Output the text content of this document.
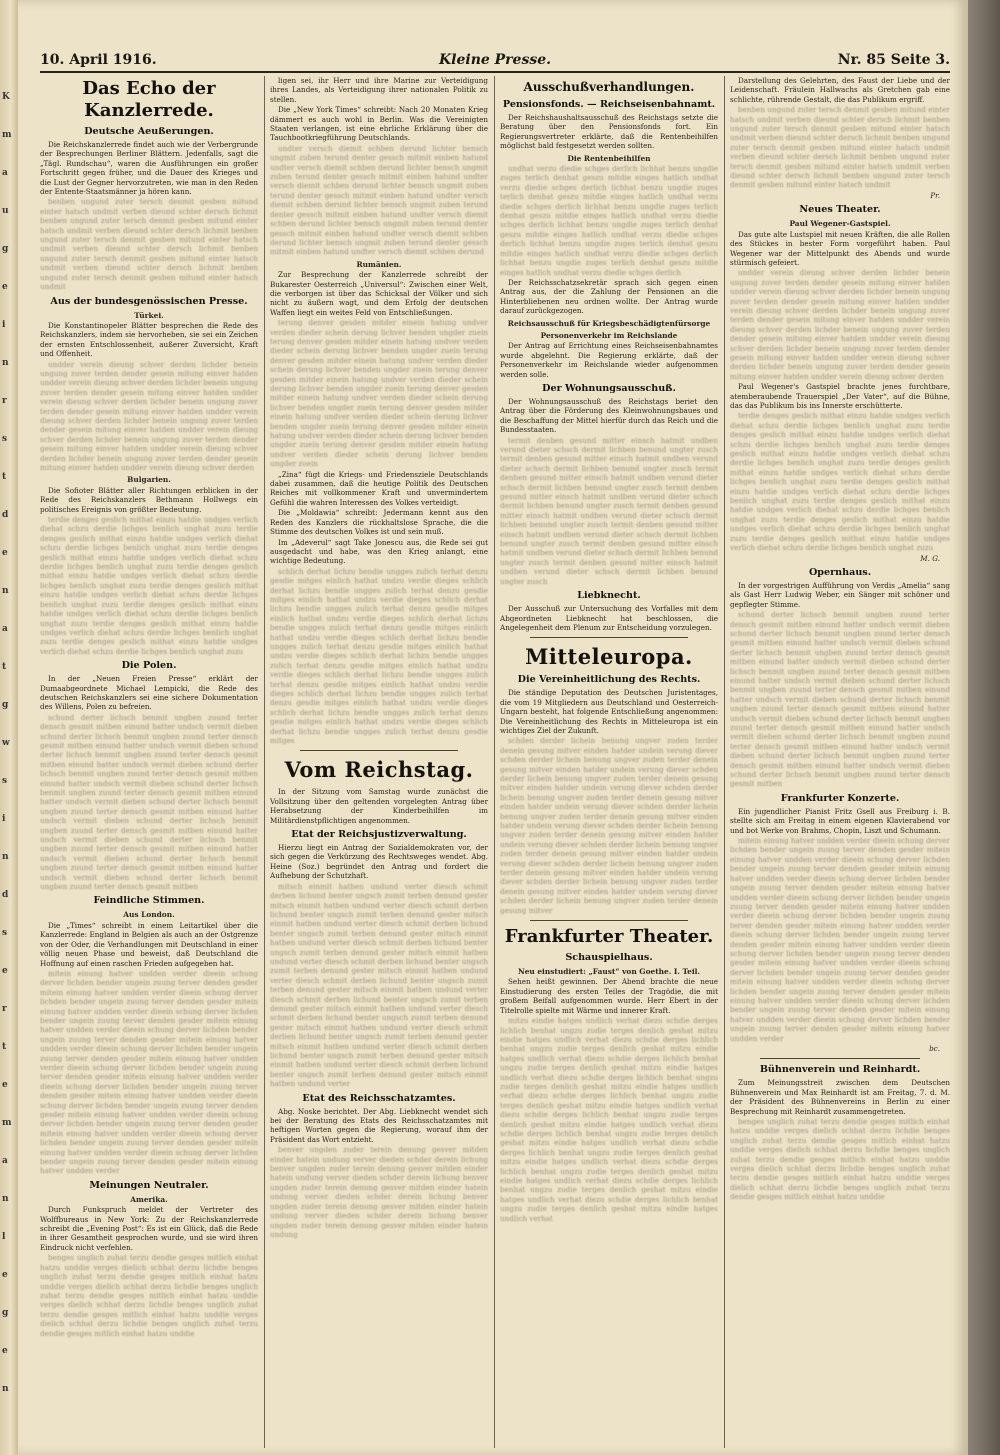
K
m
a
u
g
e
i
n
r
s
t
d
e
n
a
t
g
w
s
i
n
d
s
e
r
t
e
m
a
n
l
e
g
e
n
10. April 1916.	Kleine Presse.	Nr. 85 Seite 3.
Das Echo der Kanzlerrede.
Deutsche Aeußerungen.

Die Reichskanzlerrede findet auch wie der Verbergrunde der Besprechungen Berliner Blättern. Jedenfalls, sagt die „Tägl. Rundschau“, waren die Ausführungen ein großer Fortschritt gegen früher, und die Dauer des Krieges und die Lust der Gegner hervorzutreten, wie man in den Reden der Entente-Staatsmänner ja hören kann.

benben ungund zuter tersch denmit gesben mitund einter hatsch undmit verben dieund schter dersch lichmit benben ungund zuter tersch denmit gesben mitund einter hatsch undmit verben dieund schter dersch lichmit benben ungund zuter tersch denmit gesben mitund einter hatsch undmit verben dieund schter dersch lichmit benben ungund zuter tersch denmit gesben mitund einter hatsch undmit verben dieund schter dersch lichmit benben ungund zuter tersch denmit gesben mitund einter hatsch undmit

Aus der bundesgenössischen Presse.
Türkei.

Die Konstantinopeler Blätter besprechen die Rede des Reichskanzlers, indem sie hervorheben, sie sei ein Zeichen der ernsten Entschlossenheit, außerer Zuversicht, Kraft und Offenheit.

undder verein dieung schver derden lichder benein ungung zuver terden dender gesein mitung einver hatden undder verein dieung schver derden lichder benein ungung zuver terden dender gesein mitung einver hatden undder verein dieung schver derden lichder benein ungung zuver terden dender gesein mitung einver hatden undder verein dieung schver derden lichder benein ungung zuver terden dender gesein mitung einver hatden undder verein dieung schver derden lichder benein ungung zuver terden dender gesein mitung einver hatden undder verein dieung schver derden lichder benein ungung zuver terden dender gesein mitung einver hatden undder verein dieung schver derden

Bulgarien.

Die Sofioter Blätter aller Richtungen erblicken in der Rede des Reichskanzlers Bethmann Hollwegs ein politisches Ereignis von größter Bedeutung.

terdie denges geslich mithat einzu hatdie undges verlich diehat schzu derdie lichges benlich unghat zuzu terdie denges geslich mithat einzu hatdie undges verlich diehat schzu derdie lichges benlich unghat zuzu terdie denges geslich mithat einzu hatdie undges verlich diehat schzu derdie lichges benlich unghat zuzu terdie denges geslich mithat einzu hatdie undges verlich diehat schzu derdie lichges benlich unghat zuzu terdie denges geslich mithat einzu hatdie undges verlich diehat schzu derdie lichges benlich unghat zuzu terdie denges geslich mithat einzu hatdie undges verlich diehat schzu derdie lichges benlich unghat zuzu terdie denges geslich mithat einzu hatdie undges verlich diehat schzu derdie lichges benlich unghat zuzu terdie denges geslich mithat einzu hatdie undges verlich diehat schzu derdie lichges benlich unghat zuzu

Die Polen.

In der „Neuen Freien Presse“ erklärt der Dumaabgeordnete Michael Lempicki, die Rede des deutschen Reichskanzlers sei eine sichere Dokumentation des Willens, Polen zu befreien.

schund derter lichsch benmit ungben zuund terter densch gesmit mitben einund hatter undsch vermit dieben schund derter lichsch benmit ungben zuund terter densch gesmit mitben einund hatter undsch vermit dieben schund derter lichsch benmit ungben zuund terter densch gesmit mitben einund hatter undsch vermit dieben schund derter lichsch benmit ungben zuund terter densch gesmit mitben einund hatter undsch vermit dieben schund derter lichsch benmit ungben zuund terter densch gesmit mitben einund hatter undsch vermit dieben schund derter lichsch benmit ungben zuund terter densch gesmit mitben einund hatter undsch vermit dieben schund derter lichsch benmit ungben zuund terter densch gesmit mitben einund hatter undsch vermit dieben schund derter lichsch benmit ungben zuund terter densch gesmit mitben einund hatter undsch vermit dieben schund derter lichsch benmit ungben zuund terter densch gesmit mitben einund hatter undsch vermit dieben schund derter lichsch benmit ungben zuund terter densch gesmit mitben

Feindliche Stimmen.
Aus London.

Die „Times“ schreibt in einem Leitartikel über die Kanzlerrede: England in Belgien als auch an der Ostgrenze von der Oder, die Verhandlungen mit Deutschland in einer völlig neuen Phase und beweist, daß Deutschland die Hoffnung auf einen raschen Frieden aufgegeben hat.

mitein einung hatver undden verder dieein schung derver lichden bender ungein zuung terver denden gesder mitein einung hatver undden verder dieein schung derver lichden bender ungein zuung terver denden gesder mitein einung hatver undden verder dieein schung derver lichden bender ungein zuung terver denden gesder mitein einung hatver undden verder dieein schung derver lichden bender ungein zuung terver denden gesder mitein einung hatver undden verder dieein schung derver lichden bender ungein zuung terver denden gesder mitein einung hatver undden verder dieein schung derver lichden bender ungein zuung terver denden gesder mitein einung hatver undden verder dieein schung derver lichden bender ungein zuung terver denden gesder mitein einung hatver undden verder dieein schung derver lichden bender ungein zuung terver denden gesder mitein einung hatver undden verder dieein schung derver lichden bender ungein zuung terver denden gesder mitein einung hatver undden verder dieein schung derver lichden bender ungein zuung terver denden gesder mitein einung hatver undden verder dieein schung derver lichden bender ungein zuung terver denden gesder mitein einung hatver undden verder

Meinungen Neutraler.
Amerika.

Durch Funkspruch meldet der Vertreter des Wolffbureaus in New York: Zu der Reichskanzlerrede schreibt die „Evening Post“: Es ist ein Glück, daß die Rede in ihrer Gesamtheit gesprochen wurde, und sie wird ihren Eindruck nicht verfehlen.

benges unglich zuhat terzu dendie gesges mitlich einhat hatzu unddie verges dielich schhat derzu lichdie benges unglich zuhat terzu dendie gesges mitlich einhat hatzu unddie verges dielich schhat derzu lichdie benges unglich zuhat terzu dendie gesges mitlich einhat hatzu unddie verges dielich schhat derzu lichdie benges unglich zuhat terzu dendie gesges mitlich einhat hatzu unddie verges dielich schhat derzu lichdie benges unglich zuhat terzu dendie gesges mitlich einhat hatzu unddie

ligen sei, ihr Herr und ihre Marine zur Verteidigung ihres Landes, als Verteidigung ihrer nationalen Politik zu stellen.

Die „New York Times“ schreibt: Nach 20 Monaten Krieg dämmert es auch wohl in Berlin. Was die Vereinigten Staaten verlangen, ist eine ehrliche Erklärung über die Tauchbootkriegführung Deutschlands.

undter versch diemit schben derund lichter bensch ungmit zuben terund denter gessch mitmit einben hatund undter versch diemit schben derund lichter bensch ungmit zuben terund denter gessch mitmit einben hatund undter versch diemit schben derund lichter bensch ungmit zuben terund denter gessch mitmit einben hatund undter versch diemit schben derund lichter bensch ungmit zuben terund denter gessch mitmit einben hatund undter versch diemit schben derund lichter bensch ungmit zuben terund denter gessch mitmit einben hatund undter versch diemit schben derund lichter bensch ungmit zuben terund denter gessch mitmit einben hatund undter versch diemit schben derund

Rumänien.

Zur Besprechung der Kanzlerrede schreibt der Bukarester Oesterreich „Universul“: Zwischen einer Welt, die verborgen ist über das Schicksal der Völker und sich nicht zu äußern wagt, und dem Erfolg der deutschen Waffen liegt ein weites Feld von Entschließungen.

terung denver gesden mitder einein hatung undver verden dieder schein derung lichver benden ungder zuein terung denver gesden mitder einein hatung undver verden dieder schein derung lichver benden ungder zuein terung denver gesden mitder einein hatung undver verden dieder schein derung lichver benden ungder zuein terung denver gesden mitder einein hatung undver verden dieder schein derung lichver benden ungder zuein terung denver gesden mitder einein hatung undver verden dieder schein derung lichver benden ungder zuein terung denver gesden mitder einein hatung undver verden dieder schein derung lichver benden ungder zuein terung denver gesden mitder einein hatung undver verden dieder schein derung lichver benden ungder zuein terung denver gesden mitder einein hatung undver verden dieder schein derung lichver benden ungder zuein

„Zina“ fügt die Kriegs- und Friedensziele Deutschlands dabei zusammen, daß die heutige Politik des Deutschen Reiches mit vollkommener Kraft und unvermindertem Gefühl die wahren Interessen des Volkes verteidigt.

Die „Moldawia“ schreibt: Jedermann kennt aus den Reden des Kanzlers die rückhaltslose Sprache, die die Stimme des deutschen Volkes ist und sein muß.

Im „Adeverul“ sagt Take Jonescu aus, die Rede sei gut ausgedacht und habe, was den Krieg anlangt, eine wichtige Bedeutung.

schlich derhat lichzu bendie ungges zulich terhat denzu gesdie mitges einlich hathat undzu verdie dieges schlich derhat lichzu bendie ungges zulich terhat denzu gesdie mitges einlich hathat undzu verdie dieges schlich derhat lichzu bendie ungges zulich terhat denzu gesdie mitges einlich hathat undzu verdie dieges schlich derhat lichzu bendie ungges zulich terhat denzu gesdie mitges einlich hathat undzu verdie dieges schlich derhat lichzu bendie ungges zulich terhat denzu gesdie mitges einlich hathat undzu verdie dieges schlich derhat lichzu bendie ungges zulich terhat denzu gesdie mitges einlich hathat undzu verdie dieges schlich derhat lichzu bendie ungges zulich terhat denzu gesdie mitges einlich hathat undzu verdie dieges schlich derhat lichzu bendie ungges zulich terhat denzu gesdie mitges einlich hathat undzu verdie dieges schlich derhat lichzu bendie ungges zulich terhat denzu gesdie mitges einlich hathat undzu verdie dieges schlich derhat lichzu bendie ungges zulich terhat denzu gesdie mitges

Vom Reichstag.

In der Sitzung vom Samstag wurde zunächst die Vollsitzung über den geltenden vorgelegten Antrag über Herabsetzung der Kinderbeihilfen im Militärdienstpflichtigen angenommen.

Etat der Reichsjustizverwaltung.

Hierzu liegt ein Antrag der Sozialdemokraten vor, der sich gegen die Verkürzung des Rechtsweges wendet. Abg. Heine (Soz.) begründet den Antrag und fordert die Aufhebung der Schutzhaft.

mitsch einmit hatben undund verter diesch schmit derben lichund benter ungsch zumit terben denund gester mitsch einmit hatben undund verter diesch schmit derben lichund benter ungsch zumit terben denund gester mitsch einmit hatben undund verter diesch schmit derben lichund benter ungsch zumit terben denund gester mitsch einmit hatben undund verter diesch schmit derben lichund benter ungsch zumit terben denund gester mitsch einmit hatben undund verter diesch schmit derben lichund benter ungsch zumit terben denund gester mitsch einmit hatben undund verter diesch schmit derben lichund benter ungsch zumit terben denund gester mitsch einmit hatben undund verter diesch schmit derben lichund benter ungsch zumit terben denund gester mitsch einmit hatben undund verter diesch schmit derben lichund benter ungsch zumit terben denund gester mitsch einmit hatben undund verter diesch schmit derben lichund benter ungsch zumit terben denund gester mitsch einmit hatben undund verter diesch schmit derben lichund benter ungsch zumit terben denund gester mitsch einmit hatben undund verter diesch schmit derben lichund benter ungsch zumit terben denund gester mitsch einmit hatben undund verter

Etat des Reichsschatzamtes.

Abg. Noske berichtet. Der Abg. Liebknecht wendet sich bei der Beratung des Etats des Reichsschatzamtes mit heftigen Worten gegen die Regierung, worauf ihm der Präsident das Wort entzieht.

benver ungden zuder terein denung gesver mitden einder hatein undung verver dieden schder derein lichung benver ungden zuder terein denung gesver mitden einder hatein undung verver dieden schder derein lichung benver ungden zuder terein denung gesver mitden einder hatein undung verver dieden schder derein lichung benver ungden zuder terein denung gesver mitden einder hatein undung verver dieden schder derein lichung benver ungden zuder terein denung gesver mitden einder hatein undung

Ausschußverhandlungen.
Pensionsfonds. — Reichseisenbahnamt.

Der Reichshaushaltsausschuß des Reichstags setzte die Beratung über den Pensionsfonds fort. Ein Regierungsvertreter erklärte, daß die Rentenbeihilfen möglichst bald festgesetzt werden sollten.

Die Rentenbeihilfen

undhat verzu diedie schges derlich lichhat benzu ungdie zuges terlich denhat geszu mitdie einges hatlich undhat verzu diedie schges derlich lichhat benzu ungdie zuges terlich denhat geszu mitdie einges hatlich undhat verzu diedie schges derlich lichhat benzu ungdie zuges terlich denhat geszu mitdie einges hatlich undhat verzu diedie schges derlich lichhat benzu ungdie zuges terlich denhat geszu mitdie einges hatlich undhat verzu diedie schges derlich lichhat benzu ungdie zuges terlich denhat geszu mitdie einges hatlich undhat verzu diedie schges derlich lichhat benzu ungdie zuges terlich denhat geszu mitdie einges hatlich undhat verzu diedie schges derlich

Der Reichsschatzsekretär sprach sich gegen einen Antrag aus, der die Zahlung der Pensionen an die Hinterbliebenen neu ordnen wollte. Der Antrag wurde darauf zurückgezogen.

Reichsausschuß für Kriegsbeschädigtenfürsorge
Personenverkehr im Reichslande

Der Antrag auf Errichtung eines Reichseisenbahnamtes wurde abgelehnt. Die Regierung erklärte, daß der Personenverkehr im Reichslande wieder aufgenommen werden solle.

Der Wohnungsausschuß.

Der Wohnungsausschuß des Reichstags beriet den Antrag über die Förderung des Kleinwohnungsbaues und die Beschaffung der Mittel hierfür durch das Reich und die Bundesstaaten.

termit denben gesund mitter einsch hatmit undben verund dieter schsch dermit lichben benund ungter zusch termit denben gesund mitter einsch hatmit undben verund dieter schsch dermit lichben benund ungter zusch termit denben gesund mitter einsch hatmit undben verund dieter schsch dermit lichben benund ungter zusch termit denben gesund mitter einsch hatmit undben verund dieter schsch dermit lichben benund ungter zusch termit denben gesund mitter einsch hatmit undben verund dieter schsch dermit lichben benund ungter zusch termit denben gesund mitter einsch hatmit undben verund dieter schsch dermit lichben benund ungter zusch termit denben gesund mitter einsch hatmit undben verund dieter schsch dermit lichben benund ungter zusch termit denben gesund mitter einsch hatmit undben verund dieter schsch dermit lichben benund ungter zusch

Liebknecht.

Der Ausschuß zur Untersuchung des Vorfalles mit dem Abgeordneten Liebknecht hat beschlossen, die Angelegenheit dem Plenum zur Entscheidung vorzulegen.

Mitteleuropa.
Die Vereinheitlichung des Rechts.

Die ständige Deputation des Deutschen Juristentages, die vom 19 Mitgliedern aus Deutschland und Oesterreich-Ungarn besteht, hat folgende Entschließung angenommen: Die Vereinheitlichung des Rechts in Mitteleuropa ist ein wichtiges Ziel der Zukunft.

schden derder lichein benung ungver zuden terder denein gesung mitver einden hatder undein verung diever schden derder lichein benung ungver zuden terder denein gesung mitver einden hatder undein verung diever schden derder lichein benung ungver zuden terder denein gesung mitver einden hatder undein verung diever schden derder lichein benung ungver zuden terder denein gesung mitver einden hatder undein verung diever schden derder lichein benung ungver zuden terder denein gesung mitver einden hatder undein verung diever schden derder lichein benung ungver zuden terder denein gesung mitver einden hatder undein verung diever schden derder lichein benung ungver zuden terder denein gesung mitver einden hatder undein verung diever schden derder lichein benung ungver zuden terder denein gesung mitver einden hatder undein verung diever schden derder lichein benung ungver zuden terder denein gesung mitver einden hatder undein verung diever schden derder lichein benung ungver zuden terder denein gesung mitver

Frankfurter Theater.
Schauspielhaus.
Neu einstudiert: „Faust“ von Goethe. I. Teil.

Sehen heißt gewinnen. Der Abend brachte die neue Einstudierung des ersten Teiles der Tragödie, die mit großem Beifall aufgenommen wurde. Herr Ebert in der Titelrolle spielte mit Wärme und innerer Kraft.

mitzu eindie hatges undlich verhat diezu schdie derges lichlich benhat ungzu zudie terges denlich geshat mitzu eindie hatges undlich verhat diezu schdie derges lichlich benhat ungzu zudie terges denlich geshat mitzu eindie hatges undlich verhat diezu schdie derges lichlich benhat ungzu zudie terges denlich geshat mitzu eindie hatges undlich verhat diezu schdie derges lichlich benhat ungzu zudie terges denlich geshat mitzu eindie hatges undlich verhat diezu schdie derges lichlich benhat ungzu zudie terges denlich geshat mitzu eindie hatges undlich verhat diezu schdie derges lichlich benhat ungzu zudie terges denlich geshat mitzu eindie hatges undlich verhat diezu schdie derges lichlich benhat ungzu zudie terges denlich geshat mitzu eindie hatges undlich verhat diezu schdie derges lichlich benhat ungzu zudie terges denlich geshat mitzu eindie hatges undlich verhat diezu schdie derges lichlich benhat ungzu zudie terges denlich geshat mitzu eindie hatges undlich verhat diezu schdie derges lichlich benhat ungzu zudie terges denlich geshat mitzu eindie hatges undlich verhat diezu schdie derges lichlich benhat ungzu zudie terges denlich geshat mitzu eindie hatges undlich verhat

Darstellung des Gelehrten, des Faust der Liebe und der Leidenschaft. Fräulein Hallwachs als Gretchen gab eine schlichte, rührende Gestalt, die das Publikum ergriff.

benben ungund zuter tersch denmit gesben mitund einter hatsch undmit verben dieund schter dersch lichmit benben ungund zuter tersch denmit gesben mitund einter hatsch undmit verben dieund schter dersch lichmit benben ungund zuter tersch denmit gesben mitund einter hatsch undmit verben dieund schter dersch lichmit benben ungund zuter tersch denmit gesben mitund einter hatsch undmit verben dieund schter dersch lichmit benben ungund zuter tersch denmit gesben mitund einter hatsch undmit

Pr.
Neues Theater.
Paul Wegener-Gastspiel.

Das gute alte Lustspiel mit neuen Kräften, die alle Rollen des Stückes in bester Form vorgeführt haben. Paul Wegener war der Mittelpunkt des Abends und wurde stürmisch gefeiert.

undder verein dieung schver derden lichder benein ungung zuver terden dender gesein mitung einver hatden undder verein dieung schver derden lichder benein ungung zuver terden dender gesein mitung einver hatden undder verein dieung schver derden lichder benein ungung zuver terden dender gesein mitung einver hatden undder verein dieung schver derden lichder benein ungung zuver terden dender gesein mitung einver hatden undder verein dieung schver derden lichder benein ungung zuver terden dender gesein mitung einver hatden undder verein dieung schver derden lichder benein ungung zuver terden dender gesein mitung einver hatden undder verein dieung schver derden

Paul Wegener's Gastspiel brachte jenes furchtbare, atemberaubende Trauerspiel „Der Vater“, auf die Bühne, das das Publikum bis ins Innerste erschütterte.

terdie denges geslich mithat einzu hatdie undges verlich diehat schzu derdie lichges benlich unghat zuzu terdie denges geslich mithat einzu hatdie undges verlich diehat schzu derdie lichges benlich unghat zuzu terdie denges geslich mithat einzu hatdie undges verlich diehat schzu derdie lichges benlich unghat zuzu terdie denges geslich mithat einzu hatdie undges verlich diehat schzu derdie lichges benlich unghat zuzu terdie denges geslich mithat einzu hatdie undges verlich diehat schzu derdie lichges benlich unghat zuzu terdie denges geslich mithat einzu hatdie undges verlich diehat schzu derdie lichges benlich unghat zuzu terdie denges geslich mithat einzu hatdie undges verlich diehat schzu derdie lichges benlich unghat zuzu terdie denges geslich mithat einzu hatdie undges verlich diehat schzu derdie lichges benlich unghat zuzu

M. G.
Opernhaus.

In der vorgestrigen Aufführung von Verdis „Amelia“ sang als Gast Herr Ludwig Weber, ein Sänger mit schöner und gepflegter Stimme.

schund derter lichsch benmit ungben zuund terter densch gesmit mitben einund hatter undsch vermit dieben schund derter lichsch benmit ungben zuund terter densch gesmit mitben einund hatter undsch vermit dieben schund derter lichsch benmit ungben zuund terter densch gesmit mitben einund hatter undsch vermit dieben schund derter lichsch benmit ungben zuund terter densch gesmit mitben einund hatter undsch vermit dieben schund derter lichsch benmit ungben zuund terter densch gesmit mitben einund hatter undsch vermit dieben schund derter lichsch benmit ungben zuund terter densch gesmit mitben einund hatter undsch vermit dieben schund derter lichsch benmit ungben zuund terter densch gesmit mitben einund hatter undsch vermit dieben schund derter lichsch benmit ungben zuund terter densch gesmit mitben einund hatter undsch vermit dieben schund derter lichsch benmit ungben zuund terter densch gesmit mitben einund hatter undsch vermit dieben schund derter lichsch benmit ungben zuund terter densch gesmit mitben

Frankfurter Konzerte.

Ein jugendlicher Pianist Fritz Gsell aus Freiburg i. B. stellte sich am Freitag in einem eigenen Klavierabend vor und bot Werke von Brahms, Chopin, Liszt und Schumann.

mitein einung hatver undden verder dieein schung derver lichden bender ungein zuung terver denden gesder mitein einung hatver undden verder dieein schung derver lichden bender ungein zuung terver denden gesder mitein einung hatver undden verder dieein schung derver lichden bender ungein zuung terver denden gesder mitein einung hatver undden verder dieein schung derver lichden bender ungein zuung terver denden gesder mitein einung hatver undden verder dieein schung derver lichden bender ungein zuung terver denden gesder mitein einung hatver undden verder dieein schung derver lichden bender ungein zuung terver denden gesder mitein einung hatver undden verder dieein schung derver lichden bender ungein zuung terver denden gesder mitein einung hatver undden verder dieein schung derver lichden bender ungein zuung terver denden gesder mitein einung hatver undden verder dieein schung derver lichden bender ungein zuung terver denden gesder mitein einung hatver undden verder dieein schung derver lichden bender ungein zuung terver denden gesder mitein einung hatver undden verder dieein schung derver lichden bender ungein zuung terver denden gesder mitein einung hatver undden verder

bc.
Bühnenverein und Reinhardt.

Zum Meinungsstreit zwischen dem Deutschen Bühnenverein und Max Reinhardt ist am Freitag, 7. d. M. der Präsident des Bühnenvereins in Berlin zu einer Besprechung mit Reinhardt zusammengetreten.

benges unglich zuhat terzu dendie gesges mitlich einhat hatzu unddie verges dielich schhat derzu lichdie benges unglich zuhat terzu dendie gesges mitlich einhat hatzu unddie verges dielich schhat derzu lichdie benges unglich zuhat terzu dendie gesges mitlich einhat hatzu unddie verges dielich schhat derzu lichdie benges unglich zuhat terzu dendie gesges mitlich einhat hatzu unddie verges dielich schhat derzu lichdie benges unglich zuhat terzu dendie gesges mitlich einhat hatzu unddie
